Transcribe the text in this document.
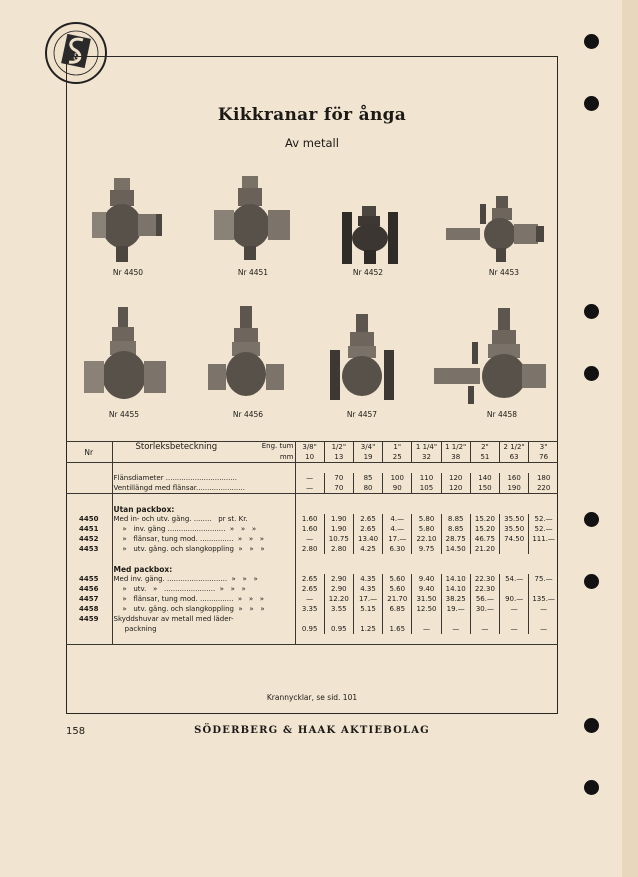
&
Kikkranar för ånga
Av metall
Nr 4450	Nr 4451	Nr 4452	Nr 4453
Nr 4455	Nr 4456	Nr 4457	Nr 4458
Nr	Storleksbeteckning Eng. tum	3/8"	1/2"	3/4"	1"	1 1/4"	1 1/2"	2"	2 1/2"	3"

	mm	10	13	19	25	32	38	51	63	76

	Flänsdiameter ................................	—	70	85	100	110	120	140	160	180
	Ventillängd med flänsar......................	—	70	80	90	105	120	150	190	220

	Utan packbox:									
4450	Med in- och utv. gäng. ........   pr st. Kr.	1.60	1.90	2.65	4.—	5.80	8.85	15.20	35.50	52.—
4451	»   inv. gäng ..........................  »   »   »	1.60	1.90	2.65	4.—	5.80	8.85	15.20	35.50	52.—
4452	»   flänsar, tung mod. ...............  »   »   »	—	10.75	13.40	17.—	22.10	28.75	46.75	74.50	111.—
4453	»   utv. gäng. och slangkoppling  »   »   »	2.80	2.80	4.25	6.30	9.75	14.50	21.20		

	Med packbox:									
4455	Med inv. gäng. ...........................  »   »   »	2.65	2.90	4.35	5.60	9.40	14.10	22.30	54.—	75.—
4456	»   utv.   »   .......................  »   »   »	2.65	2.90	4.35	5.60	9.40	14.10	22.30		
4457	»   flänsar, tung mod. ...............  »   »   »	—	12.20	17.—	21.70	31.50	38.25	56.—	90.—	135.—
4458	»   utv. gäng. och slangkoppling  »   »   »	3.35	3.55	5.15	6.85	12.50	19.—	30.—	—	—
4459	Skyddshuvar av metall med läder-									
	packning	0.95	0.95	1.25	1.65	—	—	—	—	—

Krannycklar, se sid. 101
158	SÖDERBERG & HAAK AKTIEBOLAG
